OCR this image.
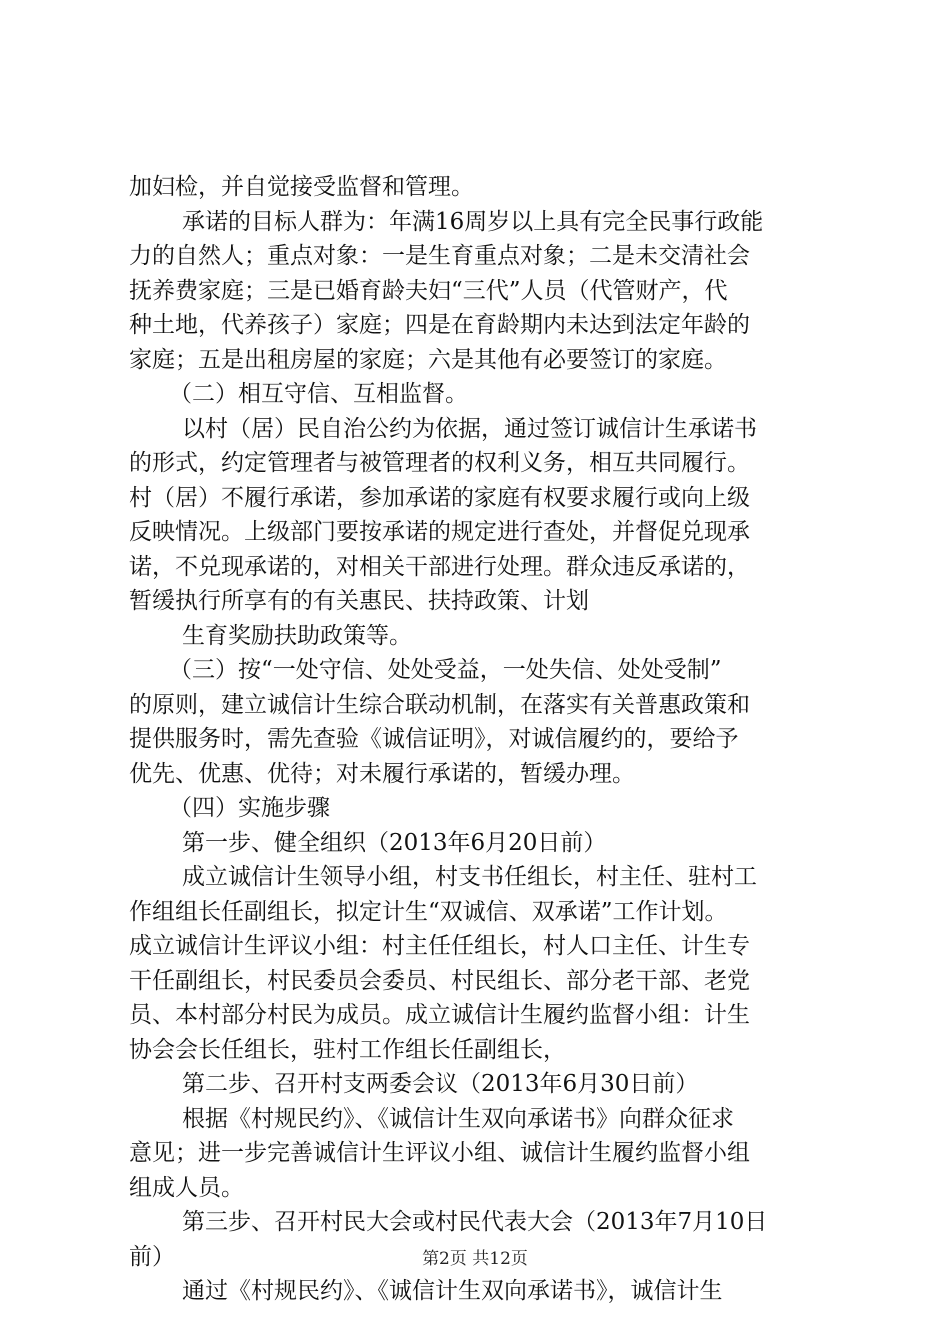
加妇检，并自觉接受监督和管理。
承诺的目标人群为：年满16周岁以上具有完全民事行政能
力的自然人；重点对象：一是生育重点对象；二是未交清社会
抚养费家庭；三是已婚育龄夫妇“三代”人员（代管财产，代
种土地，代养孩子）家庭；四是在育龄期内未达到法定年龄的
家庭；五是出租房屋的家庭；六是其他有必要签订的家庭。
（二）相互守信、互相监督。
以村（居）民自治公约为依据，通过签订诚信计生承诺书
的形式，约定管理者与被管理者的权利义务，相互共同履行。
村（居）不履行承诺，参加承诺的家庭有权要求履行或向上级
反映情况。上级部门要按承诺的规定进行查处，并督促兑现承
诺，不兑现承诺的，对相关干部进行处理。群众违反承诺的，
暂缓执行所享有的有关惠民、扶持政策、计划
生育奖励扶助政策等。
（三）按“一处守信、处处受益，一处失信、处处受制”
的原则，建立诚信计生综合联动机制，在落实有关普惠政策和
提供服务时，需先查验《诚信证明》，对诚信履约的，要给予
优先、优惠、优待；对未履行承诺的，暂缓办理。
（四）实施步骤
第一步、健全组织（2013年6月20日前）
成立诚信计生领导小组，村支书任组长，村主任、驻村工
作组组长任副组长，拟定计生“双诚信、双承诺”工作计划。
成立诚信计生评议小组：村主任任组长，村人口主任、计生专
干任副组长，村民委员会委员、村民组长、部分老干部、老党
员、本村部分村民为成员。成立诚信计生履约监督小组：计生
协会会长任组长，驻村工作组长任副组长，
第二步、召开村支两委会议（2013年6月30日前）
根据《村规民约》、《诚信计生双向承诺书》向群众征求
意见；进一步完善诚信计生评议小组、诚信计生履约监督小组
组成人员。
第三步、召开村民大会或村民代表大会（2013年7月10日
前）
通过《村规民约》、《诚信计生双向承诺书》，诚信计生
第2页 共12页
